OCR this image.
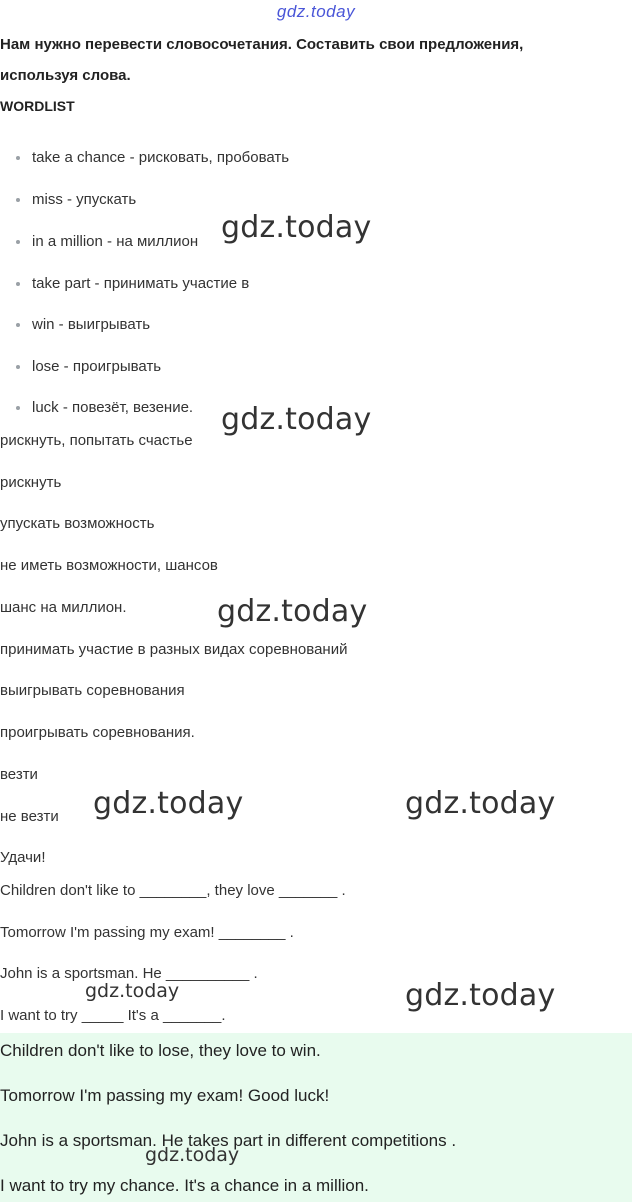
gdz.today
Нам нужно перевести словосочетания. Составить свои предложения,
используя слова.
WORDLIST
take a chance - рисковать, пробовать
miss - упускать
in a million - на миллион
take part - принимать участие в
win - выигрывать
lose - проигрывать
luck - повезёт, везение.
рискнуть, попытать счастье
рискнуть
упускать возможность
не иметь возможности, шансов
шанс на миллион.
принимать участие в разных видах соревнований
выигрывать соревнования
проигрывать соревнования.
везти
не везти
Удачи!
Children don't like to ________, they love _______ .
Tomorrow I'm passing my exam! ________ .
John is a sportsman. He __________ .
I want to try _____ It's a _______.
Children don't like to lose, they love to win.
Tomorrow I'm passing my exam! Good luck!
John is a sportsman. He takes part in different competitions .
I want to try my chance. It's a chance in a million.
gdz.today
gdz.today
gdz.today
gdz.today	gdz.today
gdz.today	gdz.today
gdz.today
